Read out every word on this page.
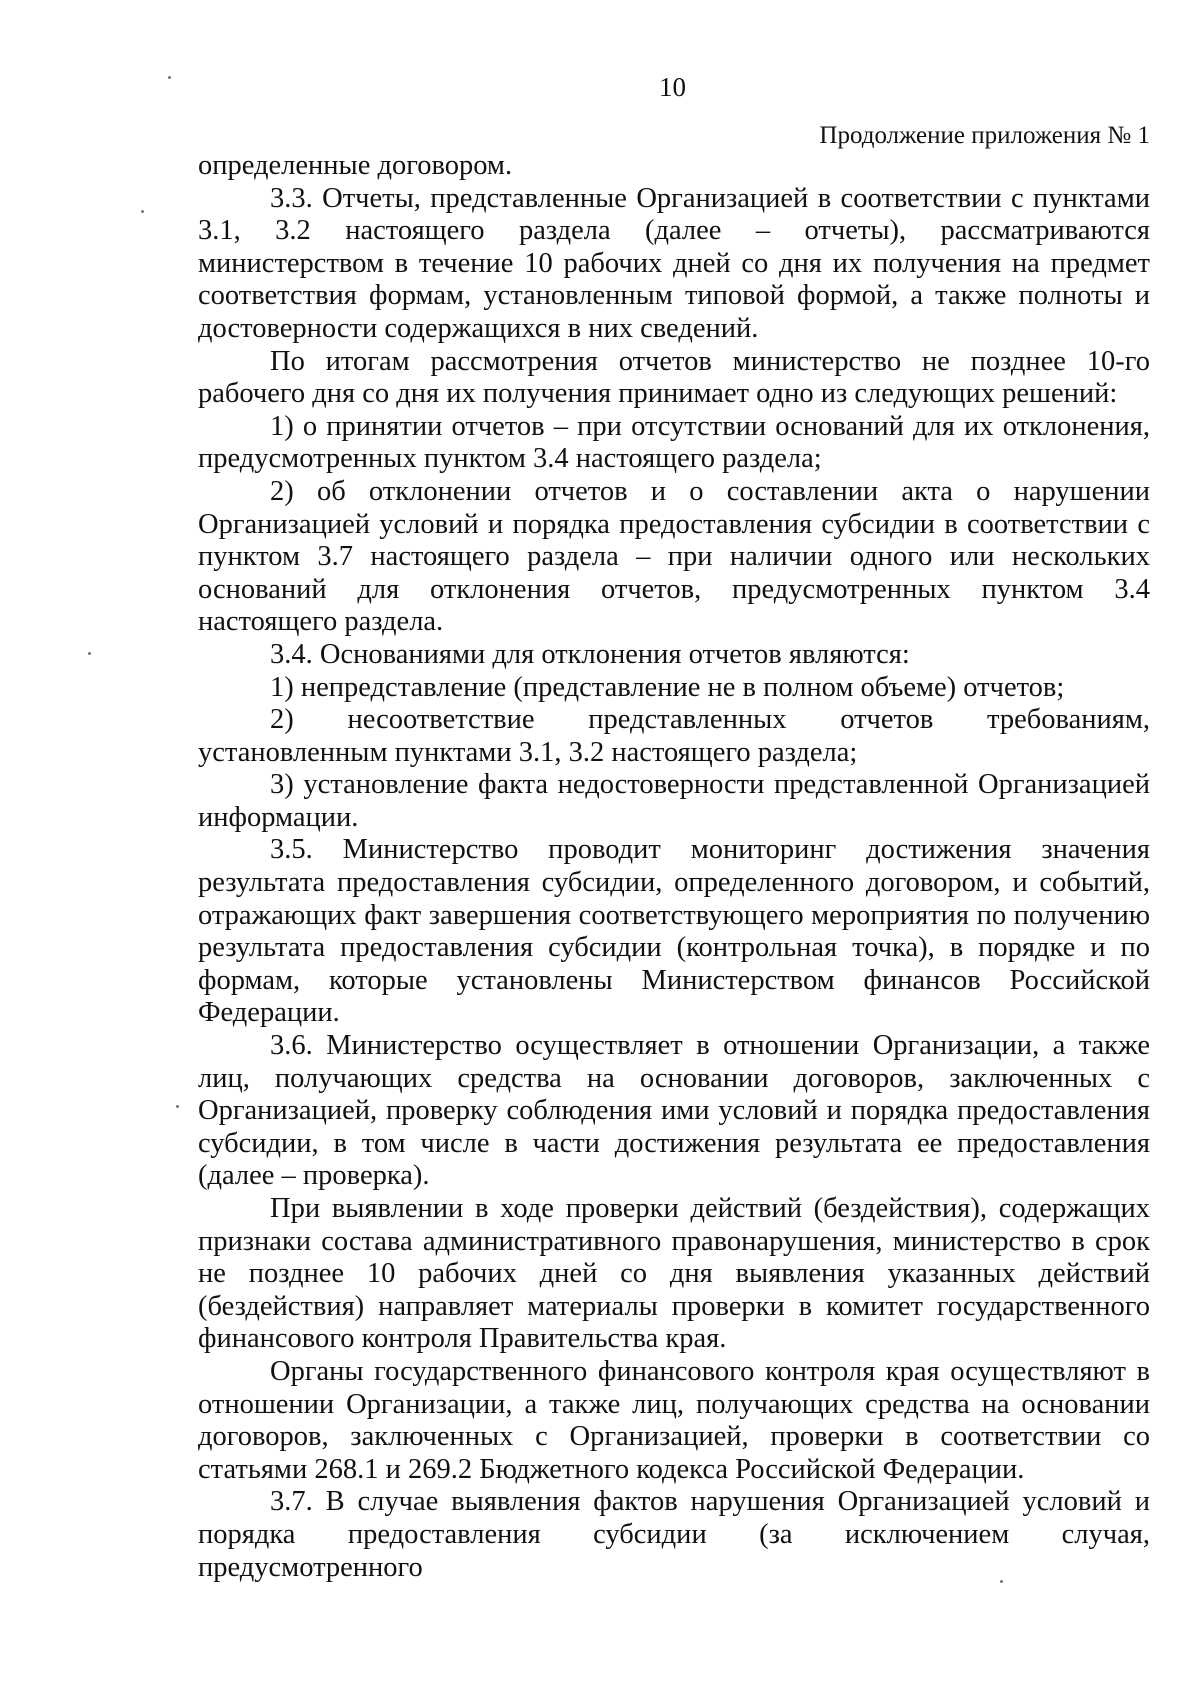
10
Продолжение приложения № 1

определенные договором.

3.3. Отчеты, представленные Организацией в соответствии с пунктами 3.1, 3.2 настоящего раздела (далее – отчеты), рассматриваются министерством в течение 10 рабочих дней со дня их получения на предмет соответствия формам, установленным типовой формой, а также полноты и достоверности содержащихся в них сведений.

По итогам рассмотрения отчетов министерство не позднее 10-го рабочего дня со дня их получения принимает одно из следующих решений:

1) о принятии отчетов – при отсутствии оснований для их отклонения, предусмотренных пунктом 3.4 настоящего раздела;

2) об отклонении отчетов и о составлении акта о нарушении Организацией условий и порядка предоставления субсидии в соответствии с пунктом 3.7 настоящего раздела – при наличии одного или нескольких оснований для отклонения отчетов, предусмотренных пунктом 3.4 настоящего раздела.

3.4. Основаниями для отклонения отчетов являются:

1) непредставление (представление не в полном объеме) отчетов;

2) несоответствие представленных отчетов требованиям, установленным пунктами 3.1, 3.2 настоящего раздела;

3) установление факта недостоверности представленной Организацией информации.

3.5. Министерство проводит мониторинг достижения значения результата предоставления субсидии, определенного договором, и событий, отражающих факт завершения соответствующего мероприятия по получению результата предоставления субсидии (контрольная точка), в порядке и по формам, которые установлены Министерством финансов Российской Федерации.

3.6. Министерство осуществляет в отношении Организации, а также лиц, получающих средства на основании договоров, заключенных с Организацией, проверку соблюдения ими условий и порядка предоставления субсидии, в том числе в части достижения результата ее предоставления (далее – проверка).

При выявлении в ходе проверки действий (бездействия), содержащих признаки состава административного правонарушения, министерство в срок не позднее 10 рабочих дней со дня выявления указанных действий (бездействия) направляет материалы проверки в комитет государственного финансового контроля Правительства края.

Органы государственного финансового контроля края осуществляют в отношении Организации, а также лиц, получающих средства на основании договоров, заключенных с Организацией, проверки в соответствии со статьями 268.1 и 269.2 Бюджетного кодекса Российской Федерации.

3.7. В случае выявления фактов нарушения Организацией условий и порядка предоставления субсидии (за исключением случая, предусмотренного
